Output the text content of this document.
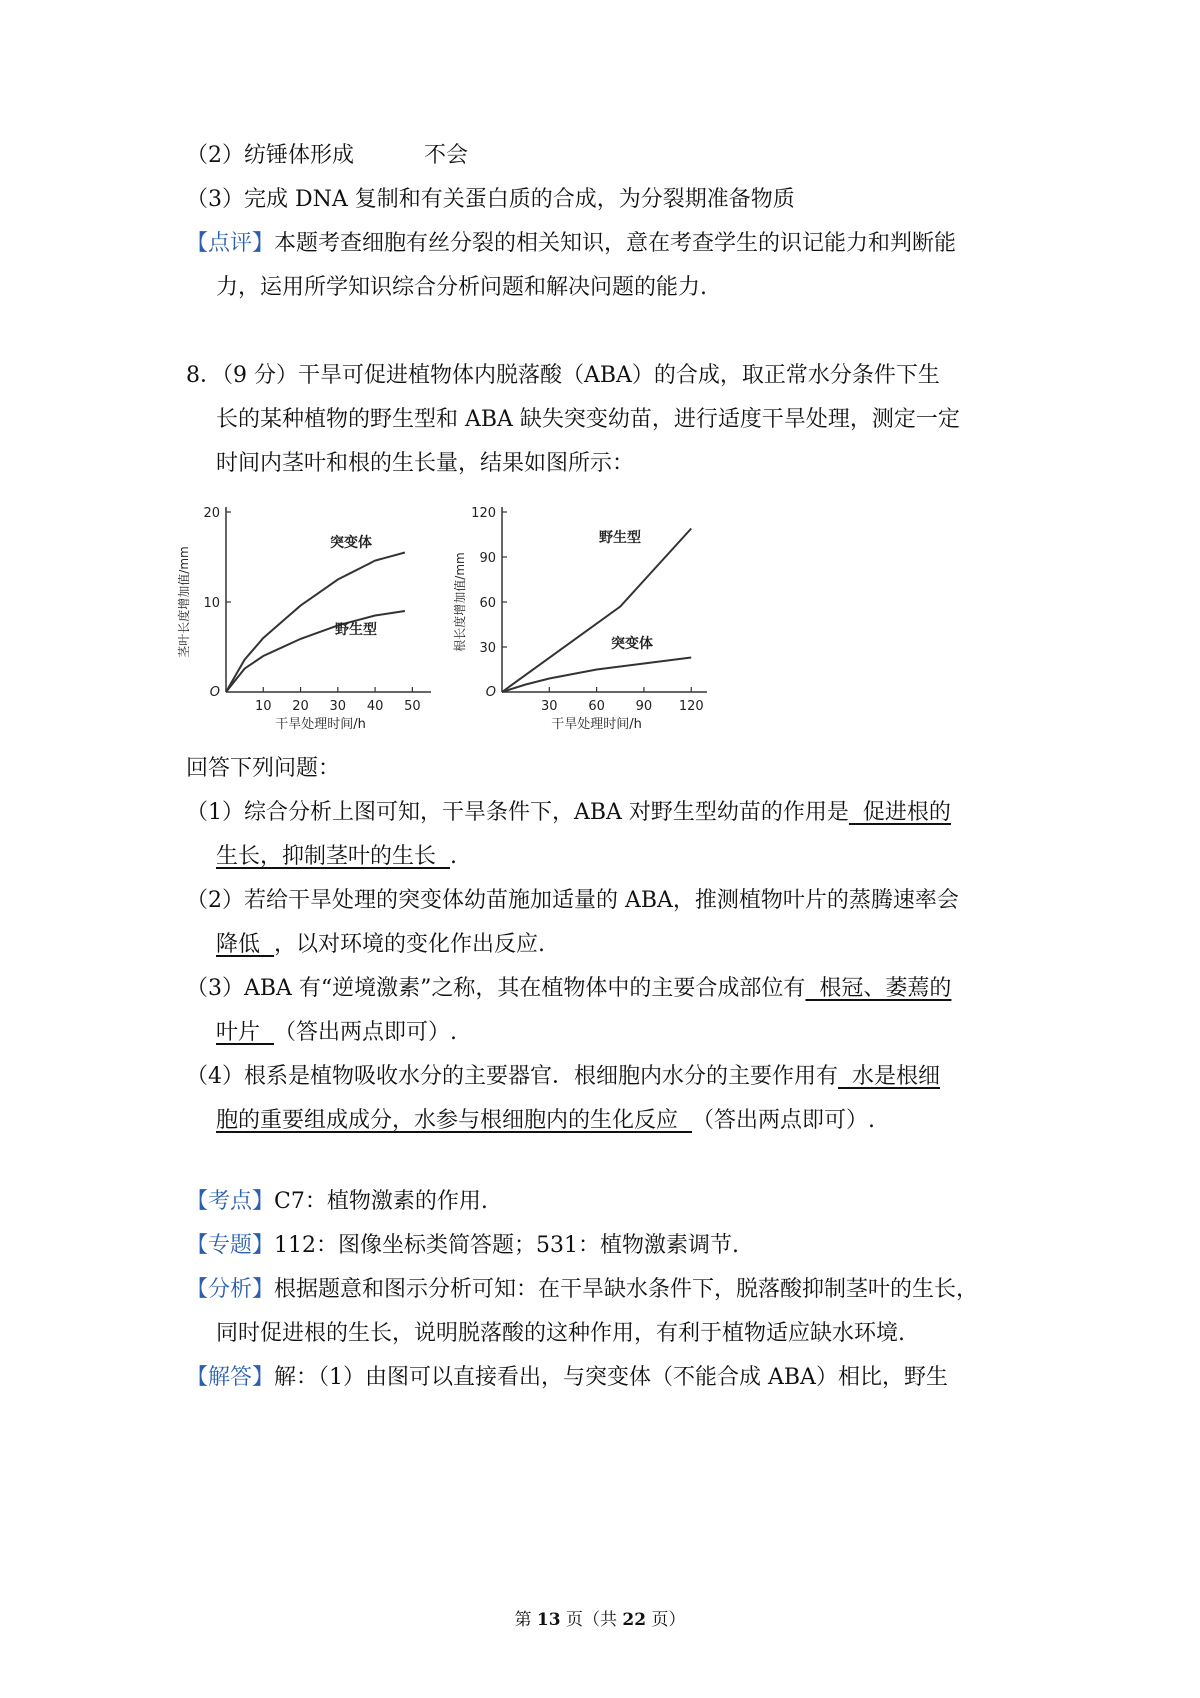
（2）纺锤体形成	不会
（3）完成 DNA 复制和有关蛋白质的合成，为分裂期准备物质
【点评】本题考查细胞有丝分裂的相关知识，意在考查学生的识记能力和判断能
力，运用所学知识综合分析问题和解决问题的能力.
8．（9 分）干旱可促进植物体内脱落酸（ABA）的合成，取正常水分条件下生
长的某种植物的野生型和 ABA 缺失突变幼苗，进行适度干旱处理，测定一定
时间内茎叶和根的生长量，结果如图所示：
10 20 30 40 50
10
20
O
干旱处理时间/h
茎叶长度增加值/mm
突变体
野生型
30 60 90 120
30
60
90
120
O
干旱处理时间/h
根长度增加值/mm
野生型
突变体
回答下列问题：
（1）综合分析上图可知，干旱条件下，ABA 对野生型幼苗的作用是  促进根的
生长，抑制茎叶的生长  .
（2）若给干旱处理的突变体幼苗施加适量的 ABA，推测植物叶片的蒸腾速率会
降低  ，以对环境的变化作出反应.
（3）ABA 有“逆境激素”之称，其在植物体中的主要合成部位有  根冠、萎蔫的
叶片  （答出两点即可）.
（4）根系是植物吸收水分的主要器官．根细胞内水分的主要作用有  水是根细
胞的重要组成成分，水参与根细胞内的生化反应  （答出两点即可）.
【考点】C7：植物激素的作用.
【专题】112：图像坐标类简答题；531：植物激素调节.
【分析】根据题意和图示分析可知：在干旱缺水条件下，脱落酸抑制茎叶的生长，
同时促进根的生长，说明脱落酸的这种作用，有利于植物适应缺水环境.
【解答】解：（1）由图可以直接看出，与突变体（不能合成 ABA）相比，野生
第 13 页（共 22 页）
